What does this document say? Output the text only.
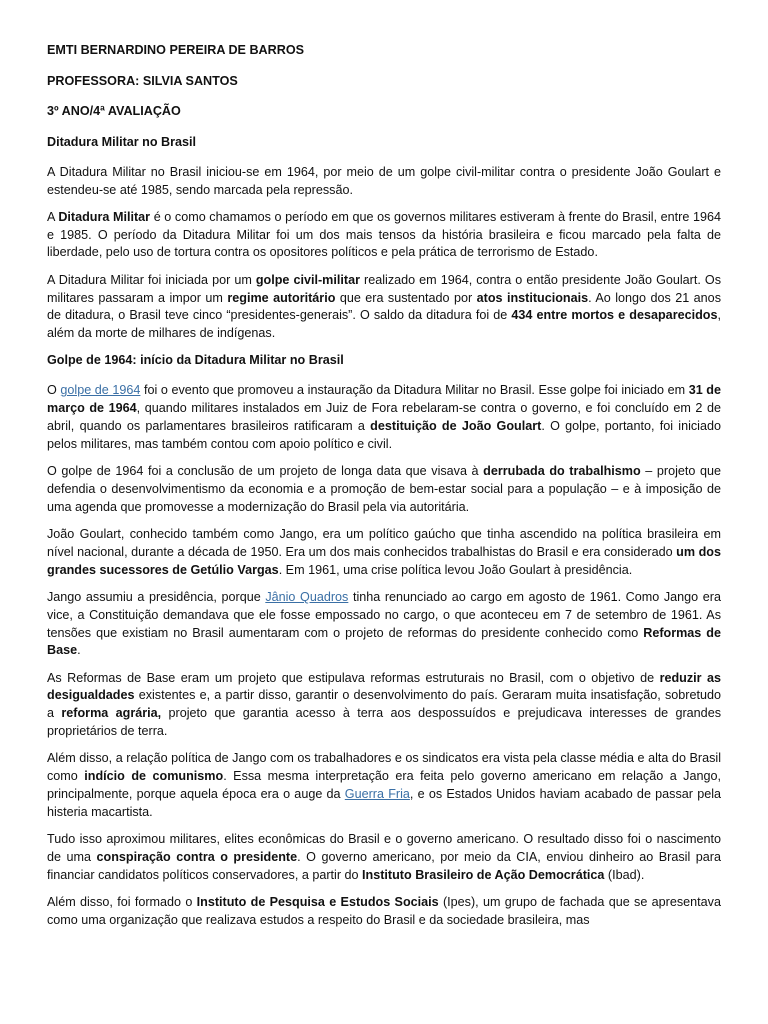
EMTI BERNARDINO PEREIRA DE BARROS
PROFESSORA: SILVIA SANTOS
3º ANO/4ª AVALIAÇÃO
Ditadura Militar no Brasil

A Ditadura Militar no Brasil iniciou-se em 1964, por meio de um golpe civil-militar contra o presidente João Goulart e estendeu-se até 1985, sendo marcada pela repressão.

A Ditadura Militar é o como chamamos o período em que os governos militares estiveram à frente do Brasil, entre 1964 e 1985. O período da Ditadura Militar foi um dos mais tensos da história brasileira e ficou marcado pela falta de liberdade, pelo uso de tortura contra os opositores políticos e pela prática de terrorismo de Estado.

A Ditadura Militar foi iniciada por um golpe civil-militar realizado em 1964, contra o então presidente João Goulart. Os militares passaram a impor um regime autoritário que era sustentado por atos institucionais. Ao longo dos 21 anos de ditadura, o Brasil teve cinco “presidentes-generais”. O saldo da ditadura foi de 434 entre mortos e desaparecidos, além da morte de milhares de indígenas.

Golpe de 1964: início da Ditadura Militar no Brasil

O golpe de 1964 foi o evento que promoveu a instauração da Ditadura Militar no Brasil. Esse golpe foi iniciado em 31 de março de 1964, quando militares instalados em Juiz de Fora rebelaram-se contra o governo, e foi concluído em 2 de abril, quando os parlamentares brasileiros ratificaram a destituição de João Goulart. O golpe, portanto, foi iniciado pelos militares, mas também contou com apoio político e civil.

O golpe de 1964 foi a conclusão de um projeto de longa data que visava à derrubada do trabalhismo – projeto que defendia o desenvolvimentismo da economia e a promoção de bem-estar social para a população – e à imposição de uma agenda que promovesse a modernização do Brasil pela via autoritária.

João Goulart, conhecido também como Jango, era um político gaúcho que tinha ascendido na política brasileira em nível nacional, durante a década de 1950. Era um dos mais conhecidos trabalhistas do Brasil e era considerado um dos grandes sucessores de Getúlio Vargas. Em 1961, uma crise política levou João Goulart à presidência.

Jango assumiu a presidência, porque Jânio Quadros tinha renunciado ao cargo em agosto de 1961. Como Jango era vice, a Constituição demandava que ele fosse empossado no cargo, o que aconteceu em 7 de setembro de 1961. As tensões que existiam no Brasil aumentaram com o projeto de reformas do presidente conhecido como Reformas de Base.

As Reformas de Base eram um projeto que estipulava reformas estruturais no Brasil, com o objetivo de reduzir as desigualdades existentes e, a partir disso, garantir o desenvolvimento do país. Geraram muita insatisfação, sobretudo a reforma agrária, projeto que garantia acesso à terra aos despossuídos e prejudicava interesses de grandes proprietários de terra.

Além disso, a relação política de Jango com os trabalhadores e os sindicatos era vista pela classe média e alta do Brasil como indício de comunismo. Essa mesma interpretação era feita pelo governo americano em relação a Jango, principalmente, porque aquela época era o auge da Guerra Fria, e os Estados Unidos haviam acabado de passar pela histeria macartista.

Tudo isso aproximou militares, elites econômicas do Brasil e o governo americano. O resultado disso foi o nascimento de uma conspiração contra o presidente. O governo americano, por meio da CIA, enviou dinheiro ao Brasil para financiar candidatos políticos conservadores, a partir do Instituto Brasileiro de Ação Democrática (Ibad).

Além disso, foi formado o Instituto de Pesquisa e Estudos Sociais (Ipes), um grupo de fachada que se apresentava como uma organização que realizava estudos a respeito do Brasil e da sociedade brasileira, mas
